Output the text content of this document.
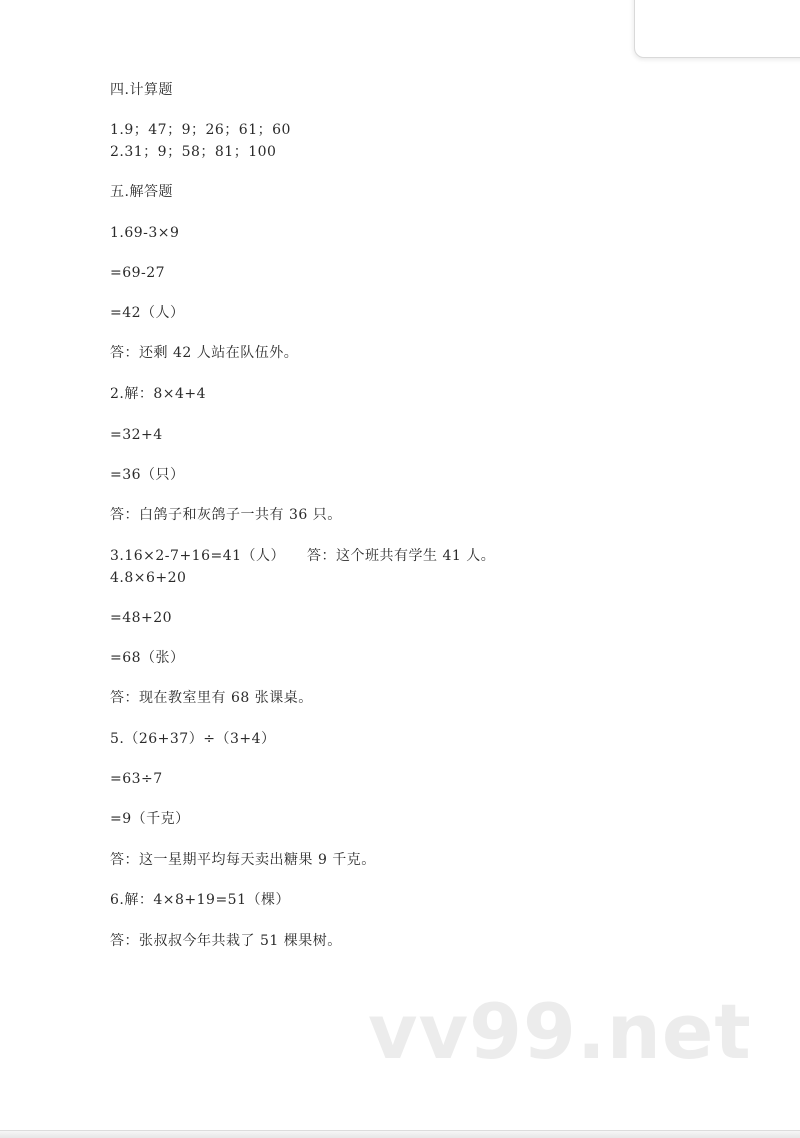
四.计算题
1.9；47；9；26；61；60
2.31；9；58；81；100
五.解答题
1.69-3×9
=69-27
=42（人）
答：还剩 42 人站在队伍外。
2.解：8×4+4
=32+4
=36（只）
答：白鸽子和灰鸽子一共有 36 只。
3.16×2-7+16=41（人）　　答：这个班共有学生 41 人。
4.8×6+20
=48+20
=68（张）
答：现在教室里有 68 张课桌。
5.（26+37）÷（3+4）
=63÷7
=9（千克）
答：这一星期平均每天卖出糖果 9 千克。
6.解：4×8+19=51（棵）
答：张叔叔今年共栽了 51 棵果树。
vv99.net
